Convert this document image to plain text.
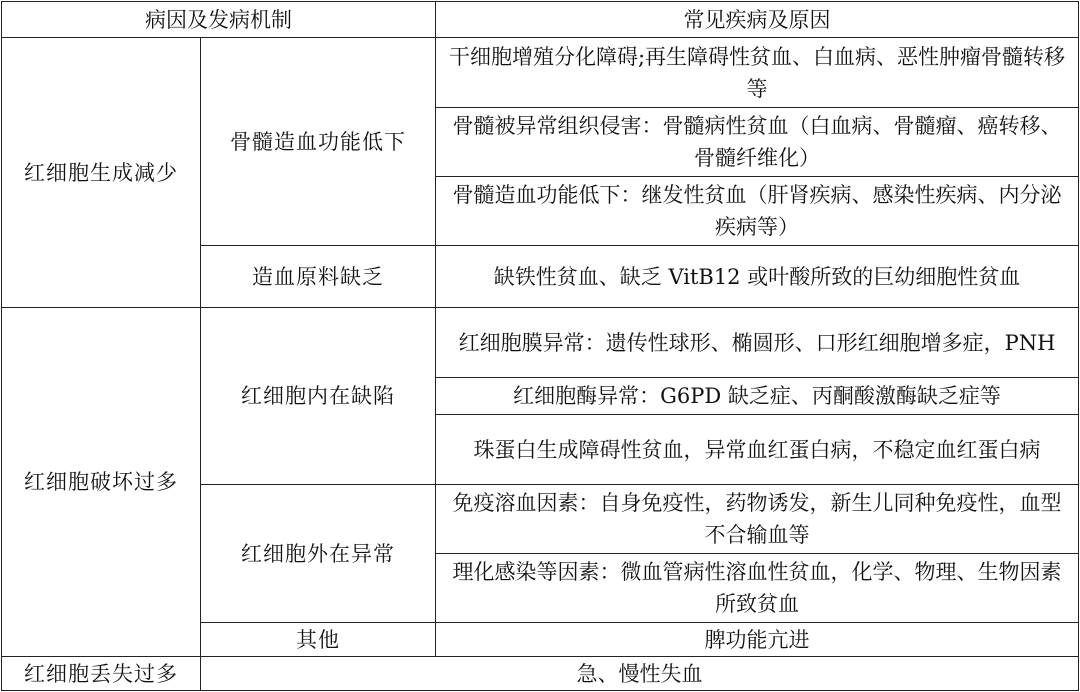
病因及发病机制		常见疾病及原因
红细胞生成减少	骨髓造血功能低下	干细胞增殖分化障碍;再生障碍性贫血、白血病、恶性肿瘤骨髓转移等
		骨髓被异常组织侵害：骨髓病性贫血（白血病、骨髓瘤、癌转移、骨髓纤维化）
		骨髓造血功能低下：继发性贫血（肝肾疾病、感染性疾病、内分泌疾病等）
	造血原料缺乏	缺铁性贫血、缺乏 VitB12 或叶酸所致的巨幼细胞性贫血
红细胞破坏过多	红细胞内在缺陷	红细胞膜异常：遗传性球形、椭圆形、口形红细胞增多症，PNH
		红细胞酶异常：G6PD 缺乏症、丙酮酸激酶缺乏症等
		珠蛋白生成障碍性贫血，异常血红蛋白病，不稳定血红蛋白病
	红细胞外在异常	免疫溶血因素：自身免疫性，药物诱发，新生儿同种免疫性，血型不合输血等
		理化感染等因素：微血管病性溶血性贫血，化学、物理、生物因素所致贫血
	其他	脾功能亢进
红细胞丢失过多	急、慢性失血	
